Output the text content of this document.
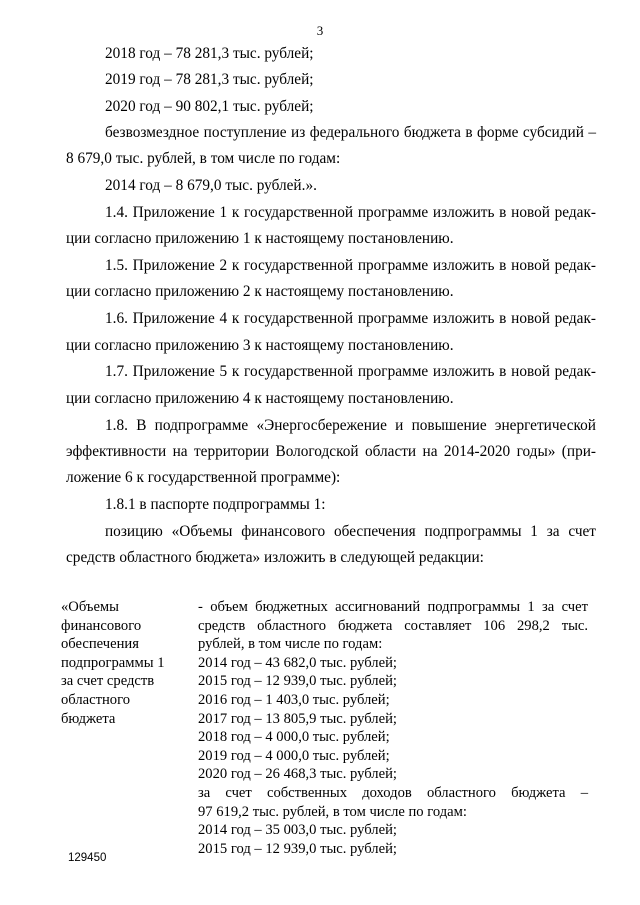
3
2018 год – 78 281,3 тыс. рублей;
2019 год – 78 281,3 тыс. рублей;
2020 год – 90 802,1 тыс. рублей;
безвозмездное поступление из федерального бюджета в форме субсидий –
8 679,0 тыс. рублей, в том числе по годам:
2014 год – 8 679,0 тыс. рублей.».
1.4. Приложение 1 к государственной программе изложить в новой редак-
ции согласно приложению 1 к настоящему постановлению.
1.5. Приложение 2 к государственной программе изложить в новой редак-
ции согласно приложению 2 к настоящему постановлению.
1.6. Приложение 4 к государственной программе изложить в новой редак-
ции согласно приложению 3 к настоящему постановлению.
1.7. Приложение 5 к государственной программе изложить в новой редак-
ции согласно приложению 4 к настоящему постановлению.
1.8. В подпрограмме «Энергосбережение и повышение энергетической
эффективности на территории Вологодской области на 2014-2020 годы» (при-
ложение 6 к государственной программе):
1.8.1 в паспорте подпрограммы 1:
позицию «Объемы финансового обеспечения подпрограммы 1 за счет
средств областного бюджета» изложить в следующей редакции:
«Объемы
финансового
обеспечения
подпрограммы 1
за счет средств
областного
бюджета
- объем бюджетных ассигнований подпрограммы 1 за счет
средств областного бюджета составляет 106 298,2 тыс.
рублей, в том числе по годам:
2014 год – 43 682,0 тыс. рублей;
2015 год – 12 939,0 тыс. рублей;
2016 год – 1 403,0 тыс. рублей;
2017 год – 13 805,9 тыс. рублей;
2018 год – 4 000,0 тыс. рублей;
2019 год – 4 000,0 тыс. рублей;
2020 год – 26 468,3 тыс. рублей;
за счет собственных доходов областного бюджета –
97 619,2 тыс. рублей, в том числе по годам:
2014 год – 35 003,0 тыс. рублей;
2015 год – 12 939,0 тыс. рублей;
129450
